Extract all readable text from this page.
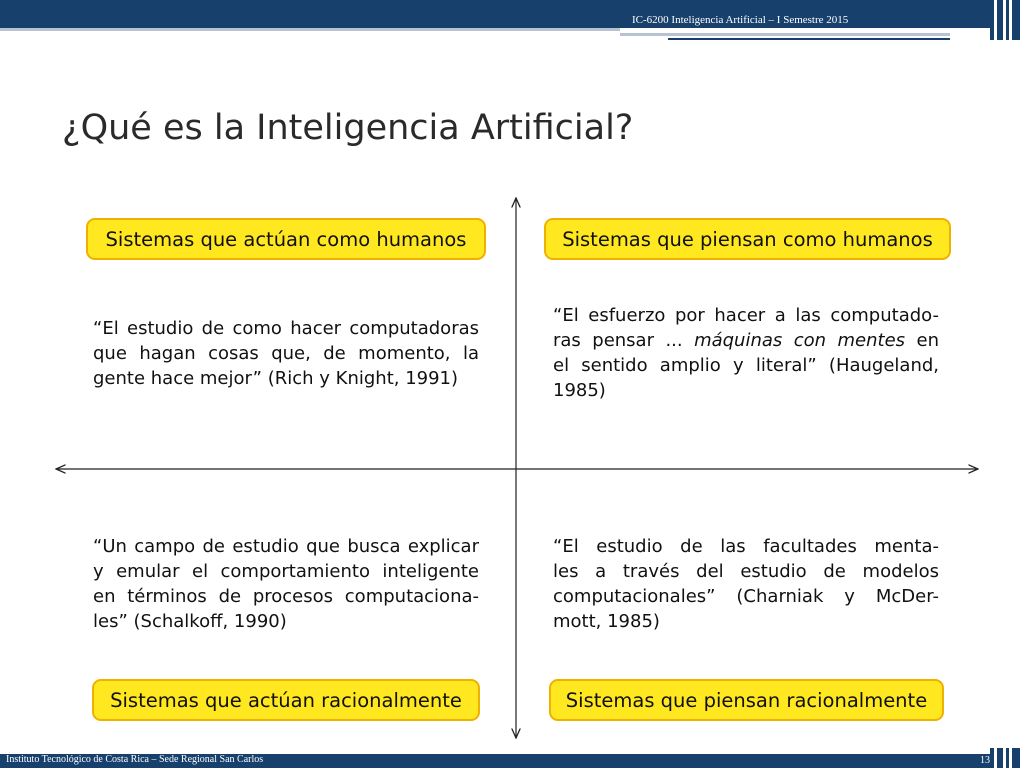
IC-6200 Inteligencia Artificial – I Semestre 2015
¿Qué es la Inteligencia Artificial?
Sistemas que actúan como humanos	Sistemas que piensan como humanos
Sistemas que actúan racionalmente	Sistemas que piensan racionalmente
“El estudio de como hacer computadoras
que hagan cosas que, de momento, la
gente hace mejor” (Rich y Knight, 1991)
“El esfuerzo por hacer a las computado-
ras pensar ... máquinas con mentes en
el sentido amplio y literal” (Haugeland,
1985)
“Un campo de estudio que busca explicar
y emular el comportamiento inteligente
en términos de procesos computaciona-
les” (Schalkoff, 1990)
“El estudio de las facultades menta-
les a través del estudio de modelos
computacionales” (Charniak y McDer-
mott, 1985)
Instituto Tecnológico de Costa Rica – Sede Regional San Carlos	13
